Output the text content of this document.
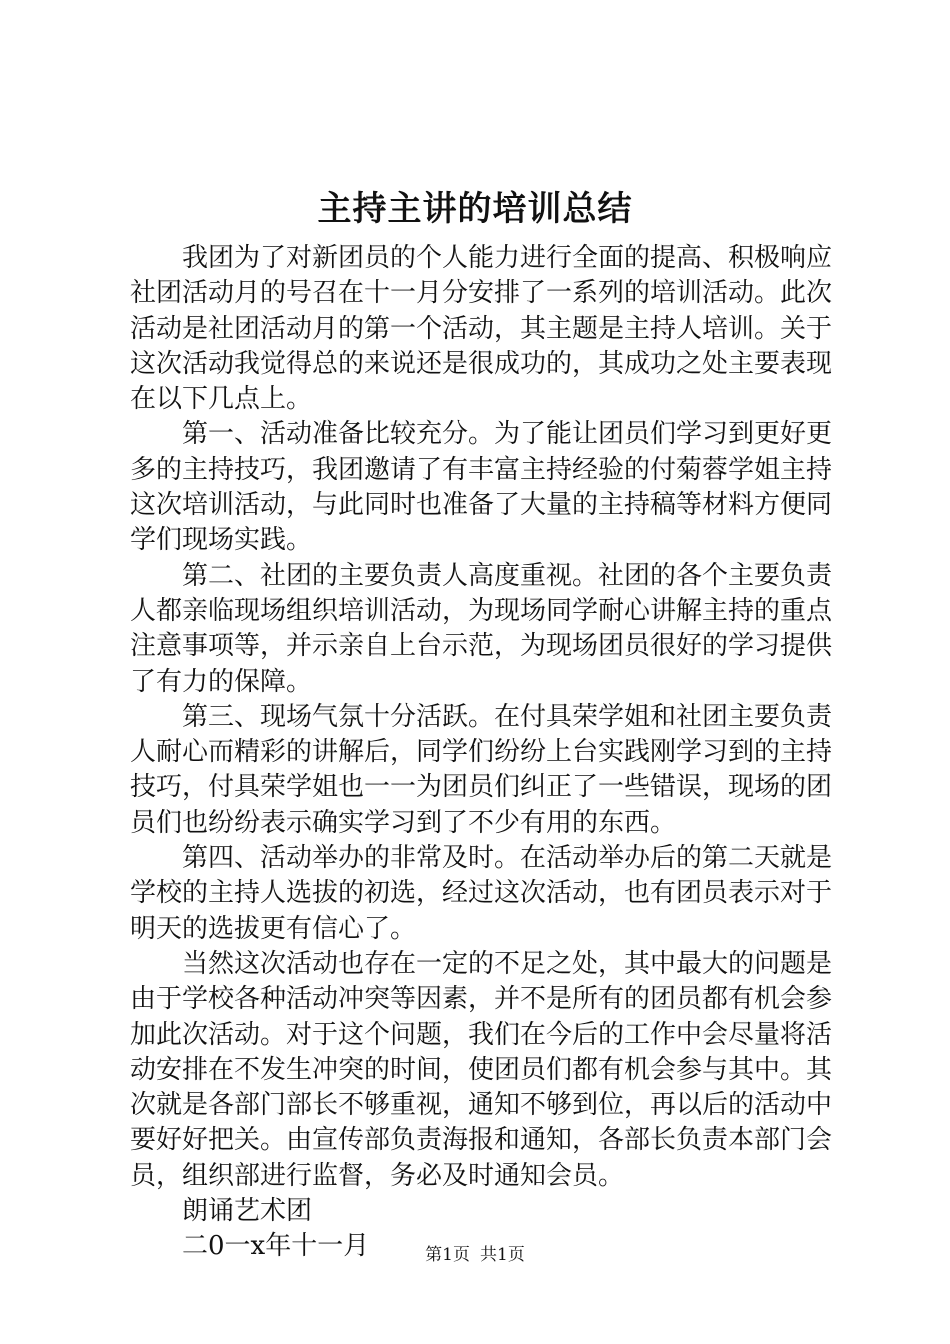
主持主讲的培训总结

我团为了对新团员的个人能力进行全面的提高、积极响应社团活动月的号召在十一月分安排了一系列的培训活动。此次活动是社团活动月的第一个活动，其主题是主持人培训。关于这次活动我觉得总的来说还是很成功的，其成功之处主要表现在以下几点上。

第一、活动准备比较充分。为了能让团员们学习到更好更多的主持技巧，我团邀请了有丰富主持经验的付菊蓉学姐主持这次培训活动，与此同时也准备了大量的主持稿等材料方便同学们现场实践。

第二、社团的主要负责人高度重视。社团的各个主要负责人都亲临现场组织培训活动，为现场同学耐心讲解主持的重点注意事项等，并示亲自上台示范，为现场团员很好的学习提供了有力的保障。

第三、现场气氛十分活跃。在付具荣学姐和社团主要负责人耐心而精彩的讲解后，同学们纷纷上台实践刚学习到的主持技巧，付具荣学姐也一一为团员们纠正了一些错误，现场的团员们也纷纷表示确实学习到了不少有用的东西。

第四、活动举办的非常及时。在活动举办后的第二天就是学校的主持人选拔的初选，经过这次活动，也有团员表示对于明天的选拔更有信心了。

当然这次活动也存在一定的不足之处，其中最大的问题是由于学校各种活动冲突等因素，并不是所有的团员都有机会参加此次活动。对于这个问题，我们在今后的工作中会尽量将活动安排在不发生冲突的时间，使团员们都有机会参与其中。其次就是各部门部长不够重视，通知不够到位，再以后的活动中要好好把关。由宣传部负责海报和通知，各部长负责本部门会员，组织部进行监督，务必及时通知会员。

朗诵艺术团

二0一x年十一月	第1页 共1页
